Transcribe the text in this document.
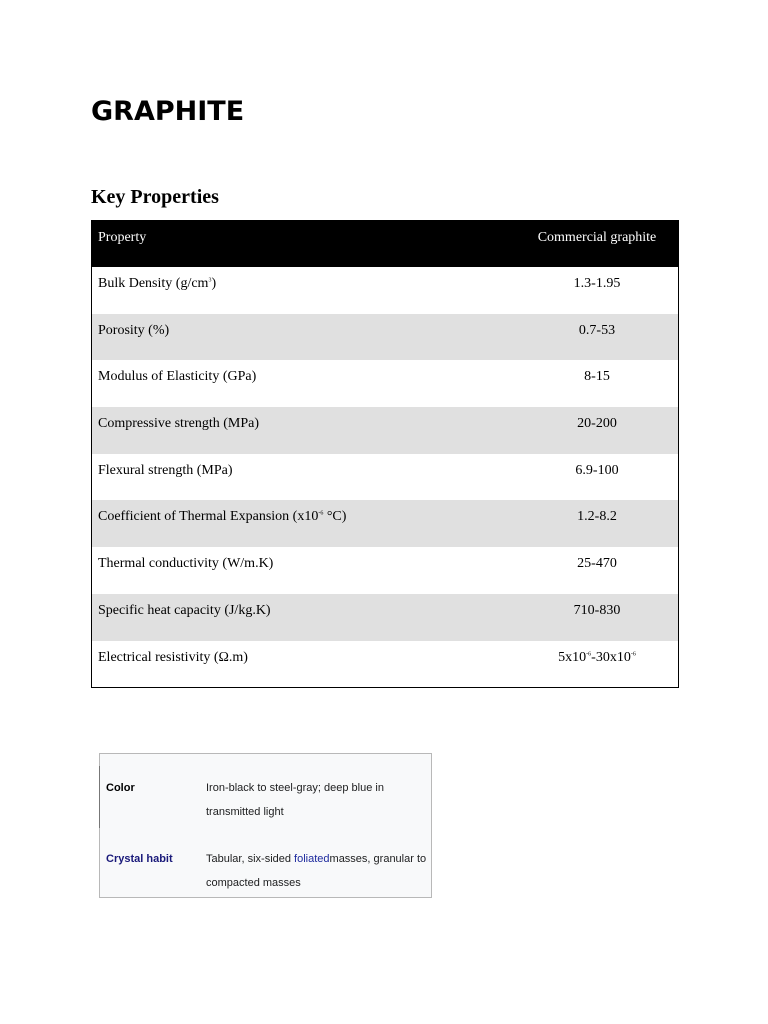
GRAPHITE
Key Properties
Property	Commercial graphite
Bulk Density $(g/cm^3)$	1.3-1.95
Porosity (%)	0.7-53
Modulus of Elasticity (GPa)	8-15
Compressive strength (MPa)	20-200
Flexural strength (MPa)	6.9-100
Coefficient of Thermal Expansion ($x10^{-6}$ °C)	1.2-8.2
Thermal conductivity (W/m.K)	25-470
Specific heat capacity (J/kg.K)	710-830
Electrical resistivity (Ω.m)	$5x10^{-6}-30x10^{-6}$
Color	Iron-black to steel-gray; deep blue in transmitted light
Crystal habit	Tabular, six-sided foliatedmasses, granular to compacted masses
